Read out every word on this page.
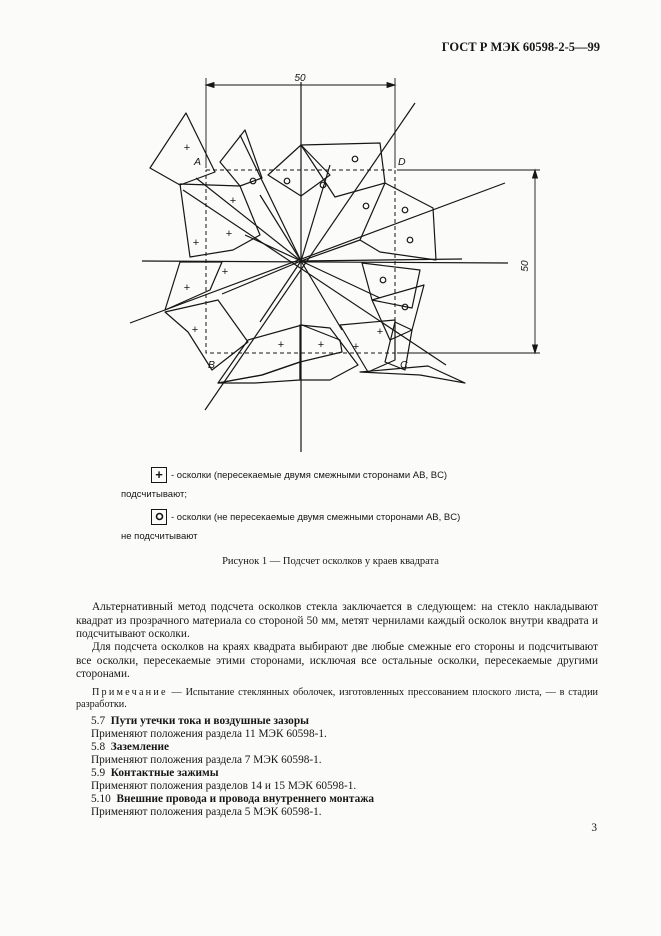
ГОСТ Р МЭК 60598-2-5—99
50
50
A	D
B	C
+
+
+
+
+
+
+
+	+	+
+
+ - осколки (пересекаемые двумя смежными сторонами AB, BC)
подсчитывают;
- осколки (не пересекаемые двумя смежными сторонами AB, BC)
не подсчитывают
Рисунок 1 — Подсчет осколков у краев квадрата

Альтернативный метод подсчета осколков стекла заключается в следующем: на стекло накладывают квадрат из прозрачного материала со стороной 50 мм, метят чернилами каждый осколок внутри квадрата и подсчитывают осколки.

Для подсчета осколков на краях квадрата выбирают две любые смежные его стороны и подсчитывают все осколки, пересекаемые этими сторонами, исключая все остальные осколки, пересекаемые другими сторонами.

Примечание — Испытание стеклянных оболочек, изготовленных прессованием плоского листа, — в стадии разработки.

5.7 Пути утечки тока и воздушные зазоры
Применяют положения раздела 11 МЭК 60598-1.
5.8 Заземление
Применяют положения раздела 7 МЭК 60598-1.
5.9 Контактные зажимы
Применяют положения разделов 14 и 15 МЭК 60598-1.
5.10 Внешние провода и провода внутреннего монтажа
Применяют положения раздела 5 МЭК 60598-1.
3
